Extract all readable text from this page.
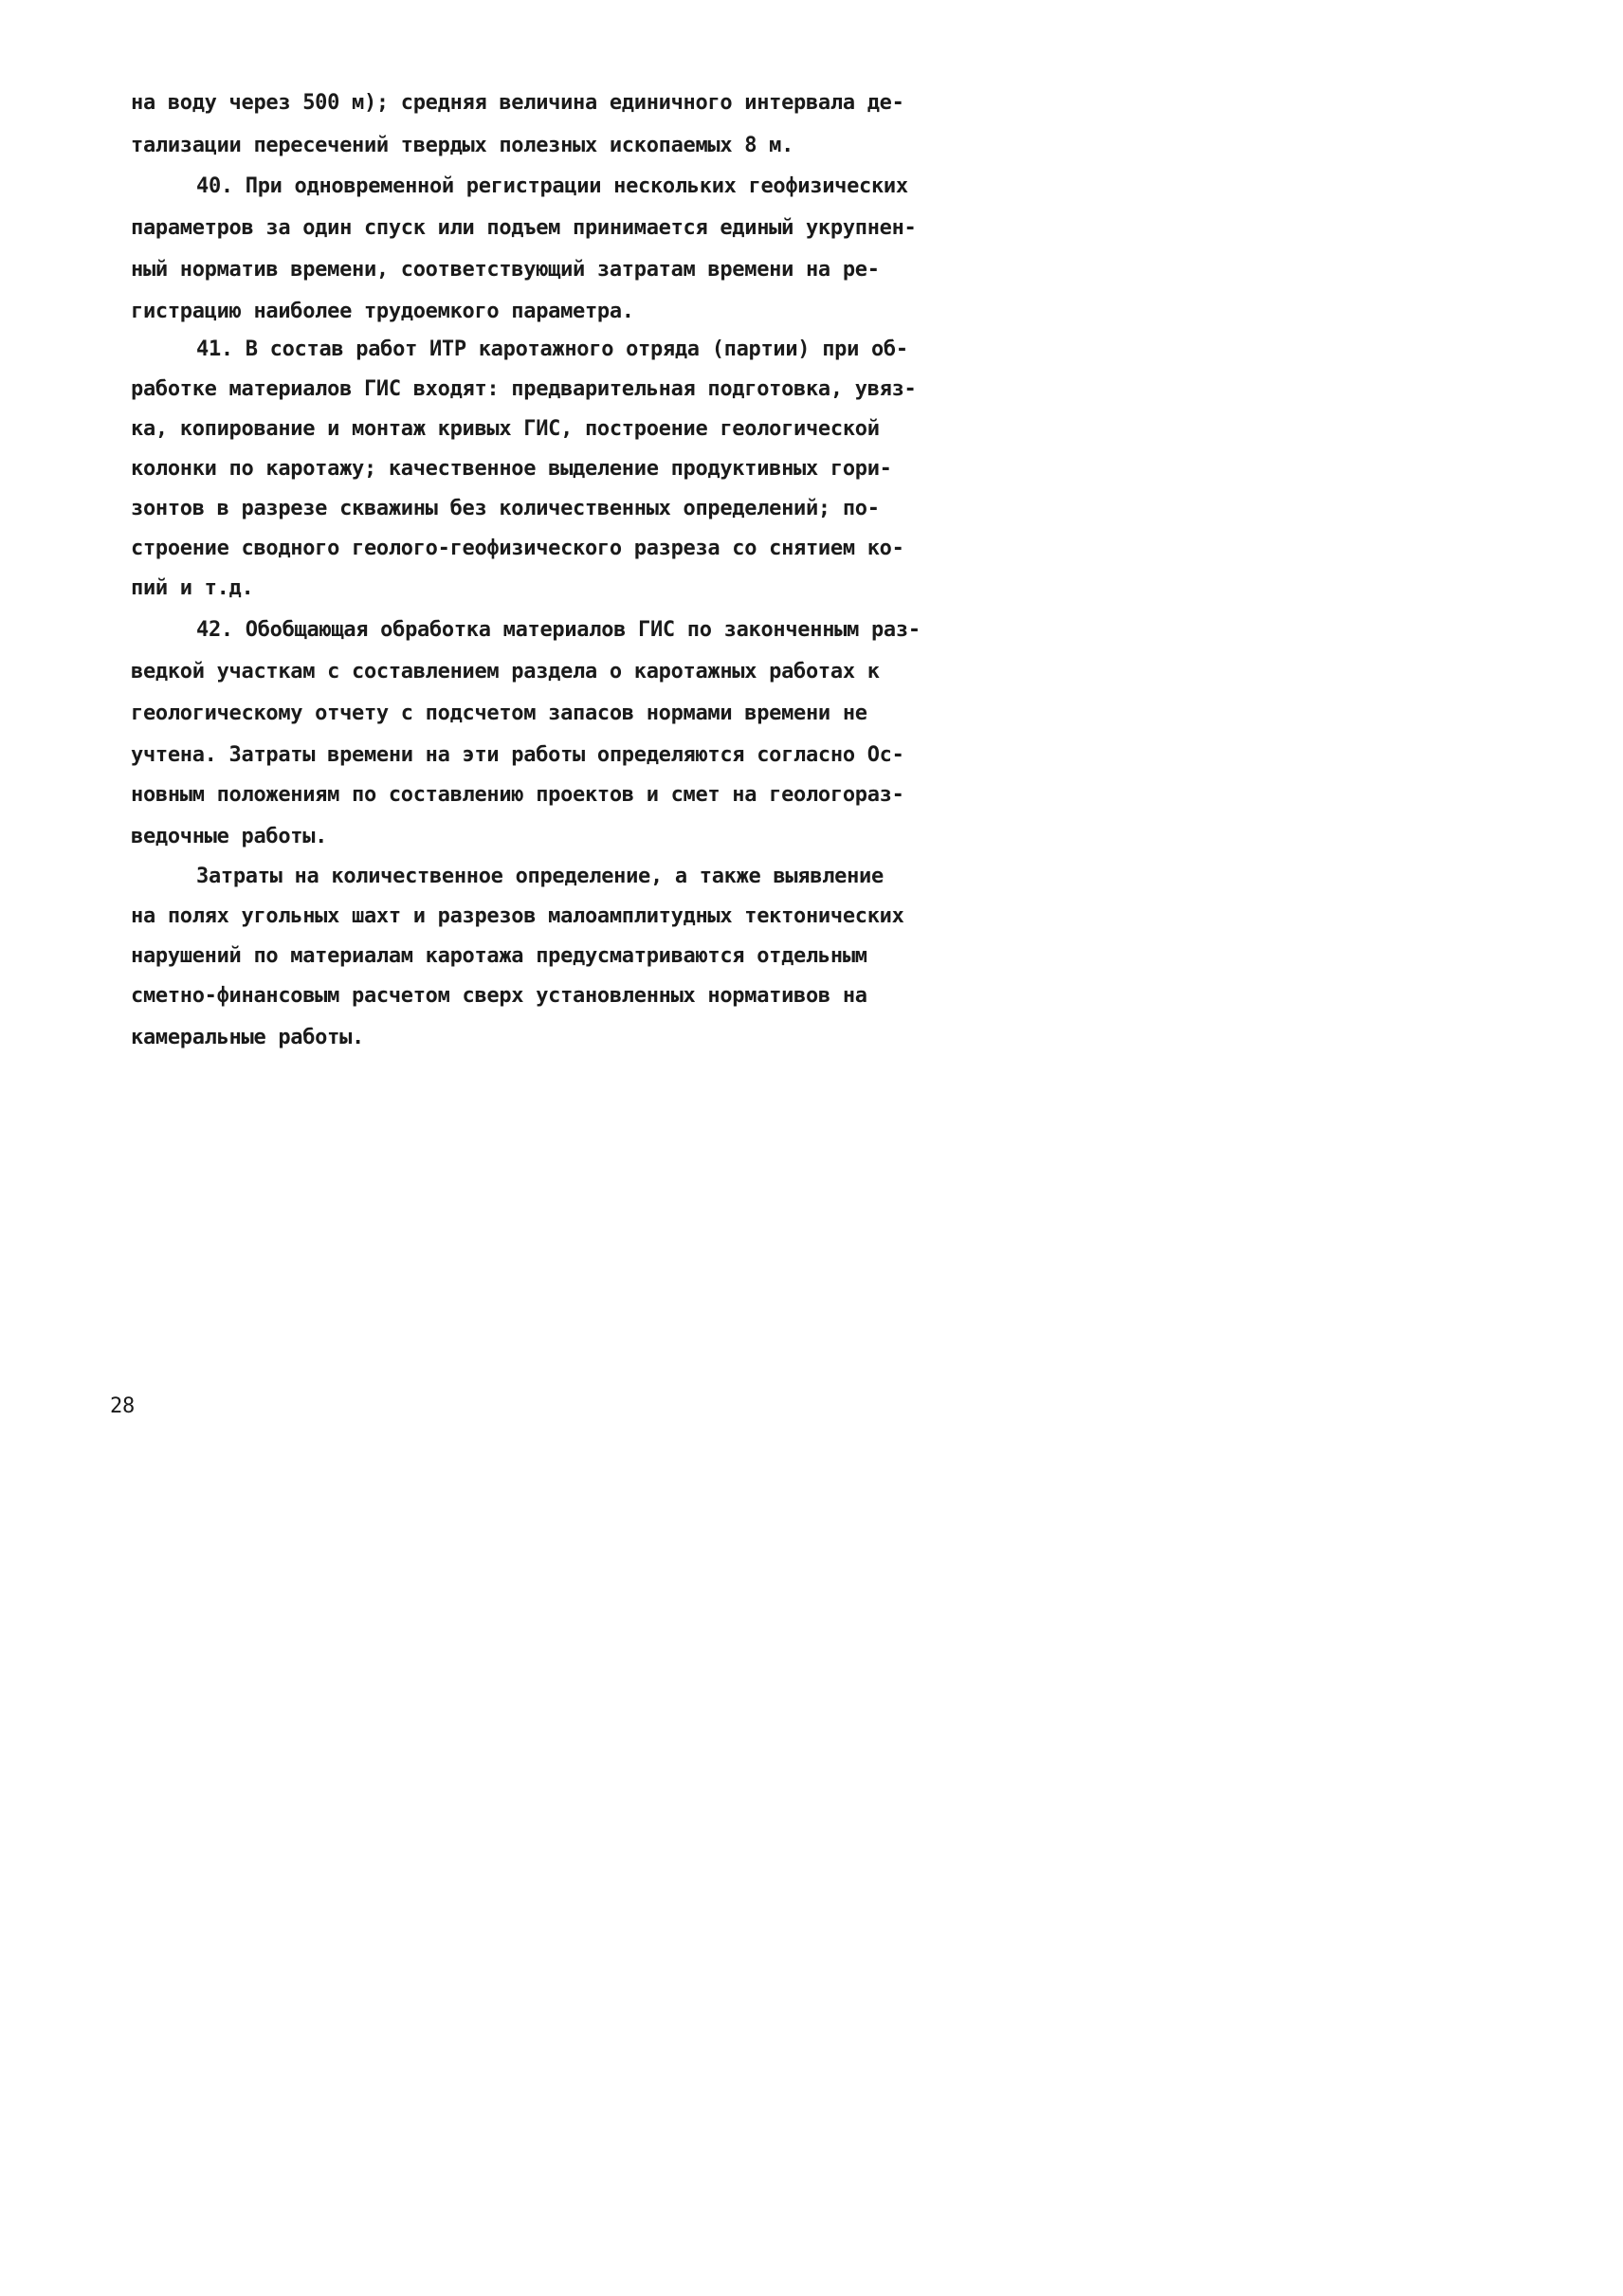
на воду через 500 м); средняя величина единичного интервала де-
тализации пересечений твердых полезных ископаемых 8 м.
40. При одновременной регистрации нескольких геофизических
параметров за один спуск или подъем принимается единый укрупнен-
ный норматив времени, соответствующий затратам времени на ре-
гистрацию наиболее трудоемкого параметра.
41. В состав работ ИТР каротажного отряда (партии) при об-
работке материалов ГИС входят: предварительная подготовка, увяз-
ка, копирование и монтаж кривых ГИС, построение геологической
колонки по каротажу; качественное выделение продуктивных гори-
зонтов в разрезе скважины без количественных определений; по-
строение сводного геолого-геофизического разреза со снятием ко-
пий и т.д.
42. Обобщающая обработка материалов ГИС по законченным раз-
ведкой участкам с составлением раздела о каротажных работах к
геологическому отчету с подсчетом запасов нормами времени не
учтена. Затраты времени на эти работы определяются согласно Ос-
новным положениям по составлению проектов и смет на геологораз-
ведочные работы.
Затраты на количественное определение, а также выявление
на полях угольных шахт и разрезов малоамплитудных тектонических
нарушений по материалам каротажа предусматриваются отдельным
сметно-финансовым расчетом сверх установленных нормативов на
камеральные работы.
28
